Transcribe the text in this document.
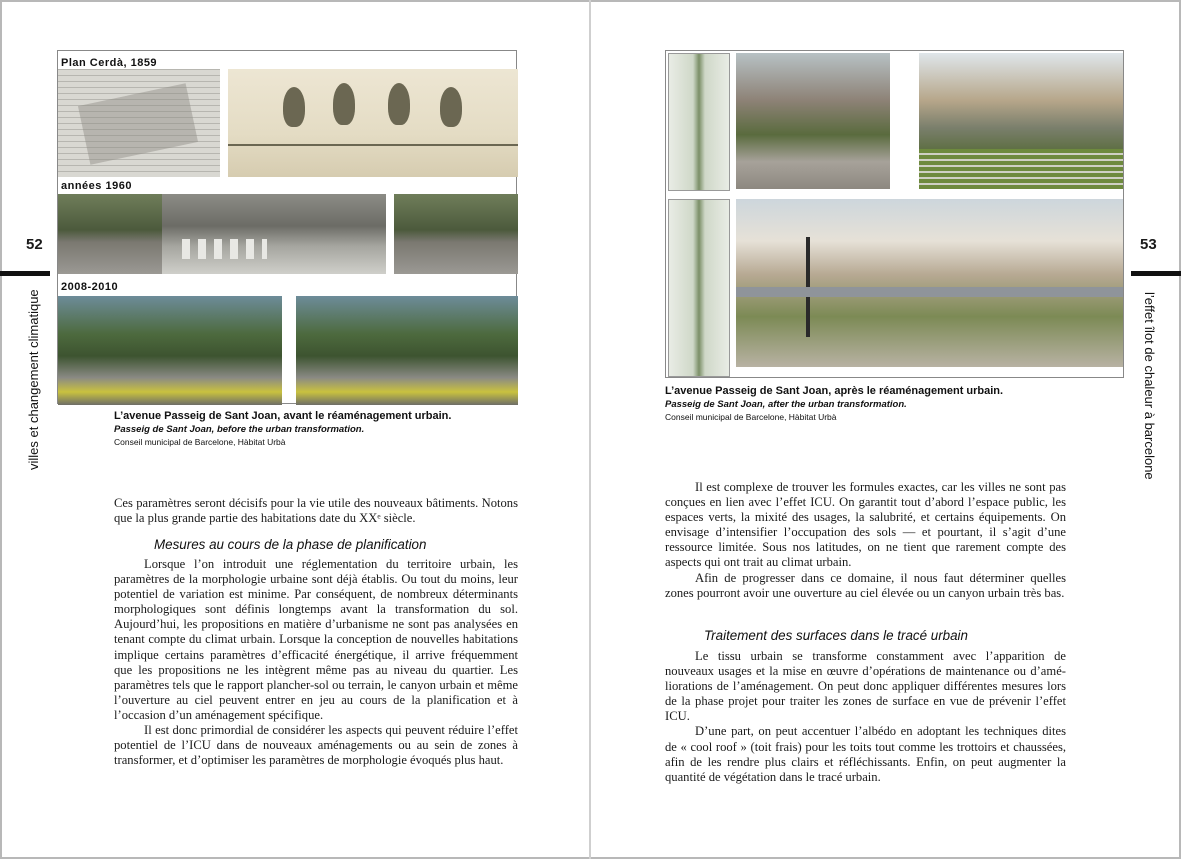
52
villes et changement climatique
Plan Cerdà, 1859
années 1960
2008-2010
L’avenue Passeig de Sant Joan, avant le réaménagement urbain.
Passeig de Sant Joan, before the urban transformation.
Conseil municipal de Barcelone, Hàbitat Urbà

Ces paramètres seront décisifs pour la vie utile des nouveaux bâtiments. Notons que la plus grande partie des habitations date du XXᵉ siècle.

Mesures au cours de la phase de planification

Lorsque l’on introduit une réglementation du territoire urbain, les paramètres de la morphologie urbaine sont déjà établis. Ou tout du moins, leur potentiel de variation est minime. Par conséquent, de nombreux déterminants morphologiques sont définis longtemps avant la transformation du sol. Aujourd’hui, les propositions en matière d’urbanisme ne sont pas analysées en tenant compte du climat urbain. Lorsque la conception de nouvelles habitations implique certains paramètres d’efficacité énergétique, il arrive fréquemment que les propositions ne les intègrent même pas au niveau du quartier. Les paramètres tels que le rapport plancher-sol ou terrain, le canyon urbain et même l’ouverture au ciel peuvent entrer en jeu au cours de la planification et à l’occasion d’un aménagement spécifique.

Il est donc primordial de considérer les aspects qui peuvent réduire l’effet potentiel de l’ICU dans de nouveaux aménagements ou au sein de zones à transformer, et d’optimiser les paramètres de morphologie évoqués plus haut.

53
l’effet îlot de chaleur à barcelone
L’avenue Passeig de Sant Joan, après le réaménagement urbain.
Passeig de Sant Joan, after the urban transformation.
Conseil municipal de Barcelone, Hàbitat Urbà

Il est complexe de trouver les formules exactes, car les villes ne sont pas conçues en lien avec l’effet ICU. On garantit tout d’abord l’espace public, les espaces verts, la mixité des usages, la salubrité, et certains équipements. On envisage d’intensifier l’occupation des sols — et pourtant, il s’agit d’une ressource limitée. Sous nos latitudes, on ne tient que rarement compte des aspects qui ont trait au climat urbain.

Afin de progresser dans ce domaine, il nous faut déterminer quelles zones pourront avoir une ouverture au ciel élevée ou un canyon urbain très bas.

Traitement des surfaces dans le tracé urbain

Le tissu urbain se transforme constamment avec l’apparition de nouveaux usages et la mise en œuvre d’opérations de maintenance ou d’améliorations de l’aménagement. On peut donc appliquer différentes mesures lors de la phase projet pour traiter les zones de surface en vue de prévenir l’effet ICU.

D’une part, on peut accentuer l’albédo en adoptant les techniques dites de « cool roof » (toit frais) pour les toits tout comme les trottoirs et chaussées, afin de les rendre plus clairs et réfléchissants. Enfin, on peut augmenter la quantité de végétation dans le tracé urbain.
